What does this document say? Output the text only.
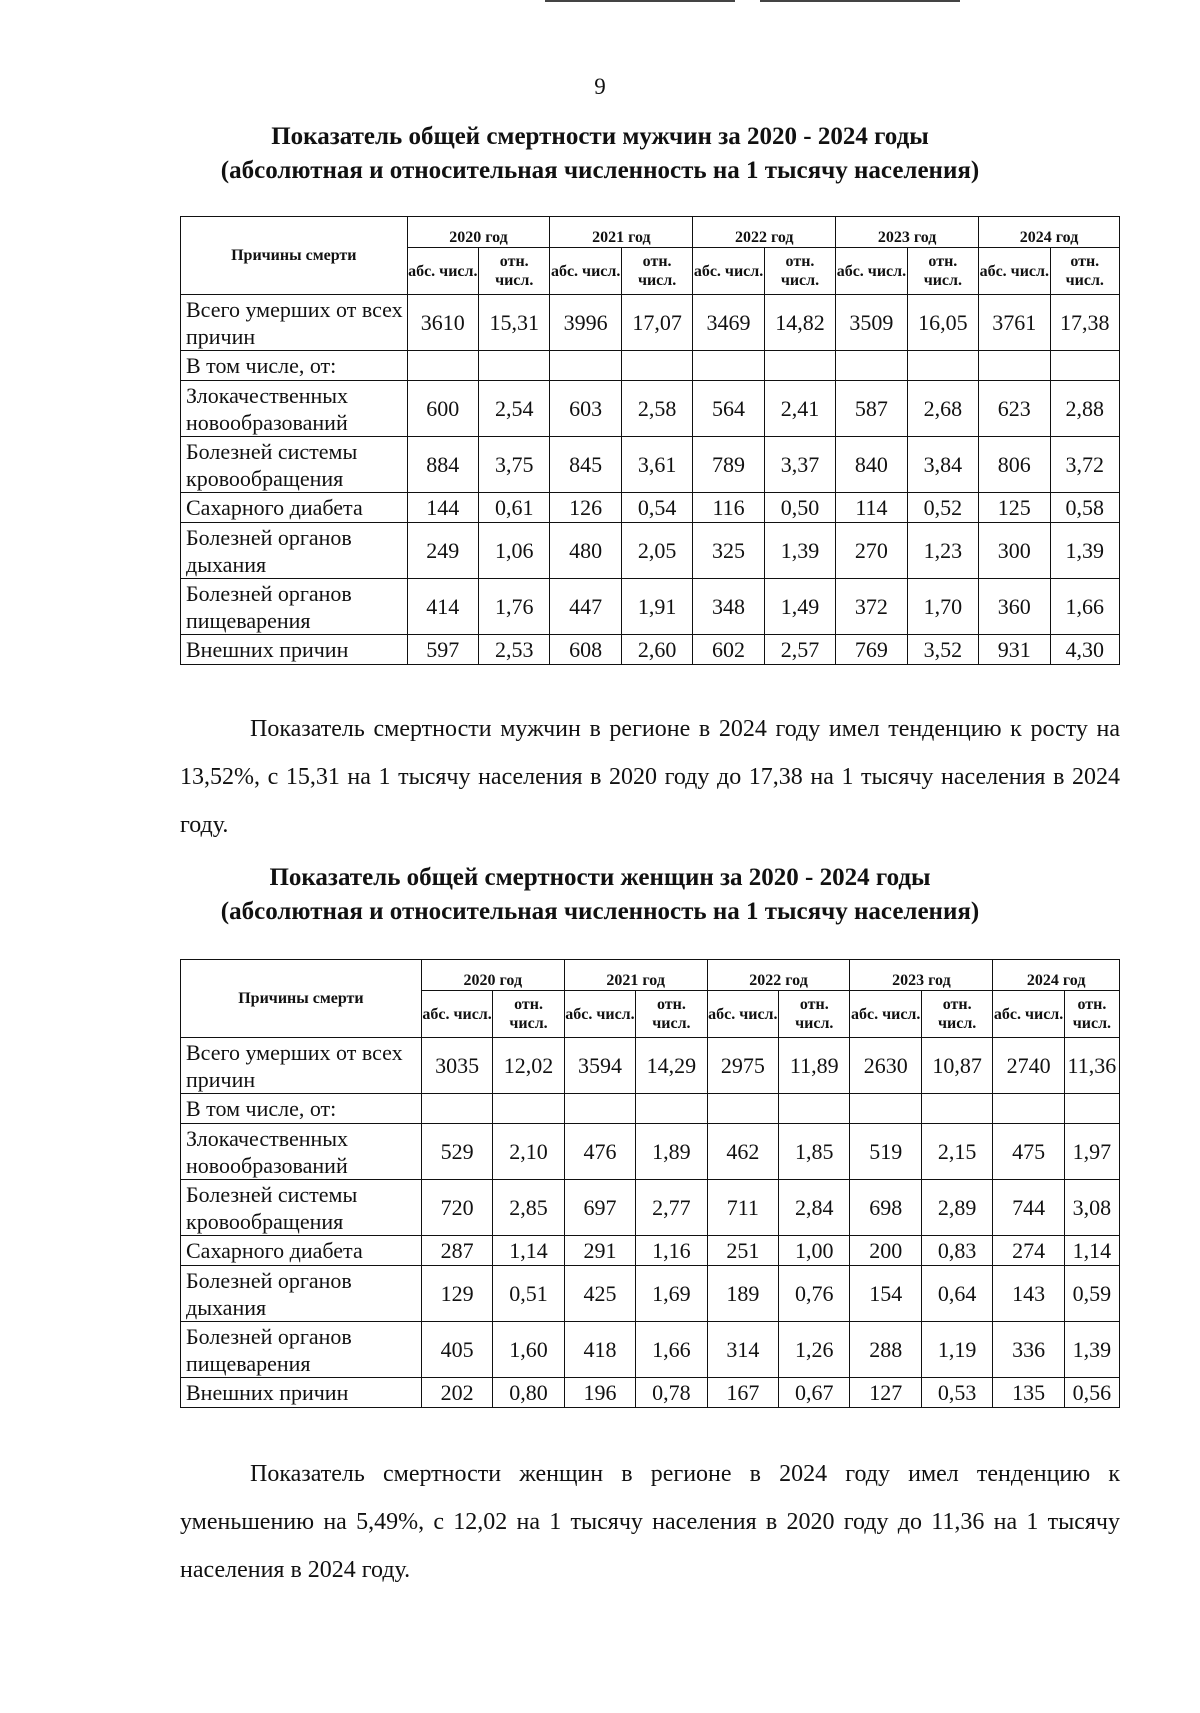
9
Показатель общей смертности мужчин за 2020 - 2024 годы
(абсолютная и относительная численность на 1 тысячу населения)
Причины смерти	2020 год		2021 год		2022 год		2023 год		2024 год	
	абс. числ.	отн. числ.	абс. числ.	отн. числ.	абс. числ.	отн. числ.	абс. числ.	отн. числ.	абс. числ.	отн. числ.
Всего умерших от всех причин	3610	15,31	3996	17,07	3469	14,82	3509	16,05	3761	17,38
В том числе, от:										
Злокачественных новообразований	600	2,54	603	2,58	564	2,41	587	2,68	623	2,88
Болезней системы кровообращения	884	3,75	845	3,61	789	3,37	840	3,84	806	3,72
Сахарного диабета	144	0,61	126	0,54	116	0,50	114	0,52	125	0,58
Болезней органов дыхания	249	1,06	480	2,05	325	1,39	270	1,23	300	1,39
Болезней органов пищеварения	414	1,76	447	1,91	348	1,49	372	1,70	360	1,66
Внешних причин	597	2,53	608	2,60	602	2,57	769	3,52	931	4,30

Показатель смертности мужчин в регионе в 2024 году имел тенденцию к росту на 13,52%, с 15,31 на 1 тысячу населения в 2020 году до 17,38 на 1 тысячу населения в 2024 году.

Показатель общей смертности женщин за 2020 - 2024 годы
(абсолютная и относительная численность на 1 тысячу населения)
Причины смерти	2020 год		2021 год		2022 год		2023 год		2024 год	
	абс. числ.	отн. числ.	абс. числ.	отн. числ.	абс. числ.	отн. числ.	абс. числ.	отн. числ.	абс. числ.	отн. числ.
Всего умерших от всех причин	3035	12,02	3594	14,29	2975	11,89	2630	10,87	2740	11,36
В том числе, от:										
Злокачественных новообразований	529	2,10	476	1,89	462	1,85	519	2,15	475	1,97
Болезней системы кровообращения	720	2,85	697	2,77	711	2,84	698	2,89	744	3,08
Сахарного диабета	287	1,14	291	1,16	251	1,00	200	0,83	274	1,14
Болезней органов дыхания	129	0,51	425	1,69	189	0,76	154	0,64	143	0,59
Болезней органов пищеварения	405	1,60	418	1,66	314	1,26	288	1,19	336	1,39
Внешних причин	202	0,80	196	0,78	167	0,67	127	0,53	135	0,56

Показатель смертности женщин в регионе в 2024 году имел тенденцию к уменьшению на 5,49%, с 12,02 на 1 тысячу населения в 2020 году до 11,36 на 1 тысячу населения в 2024 году.
